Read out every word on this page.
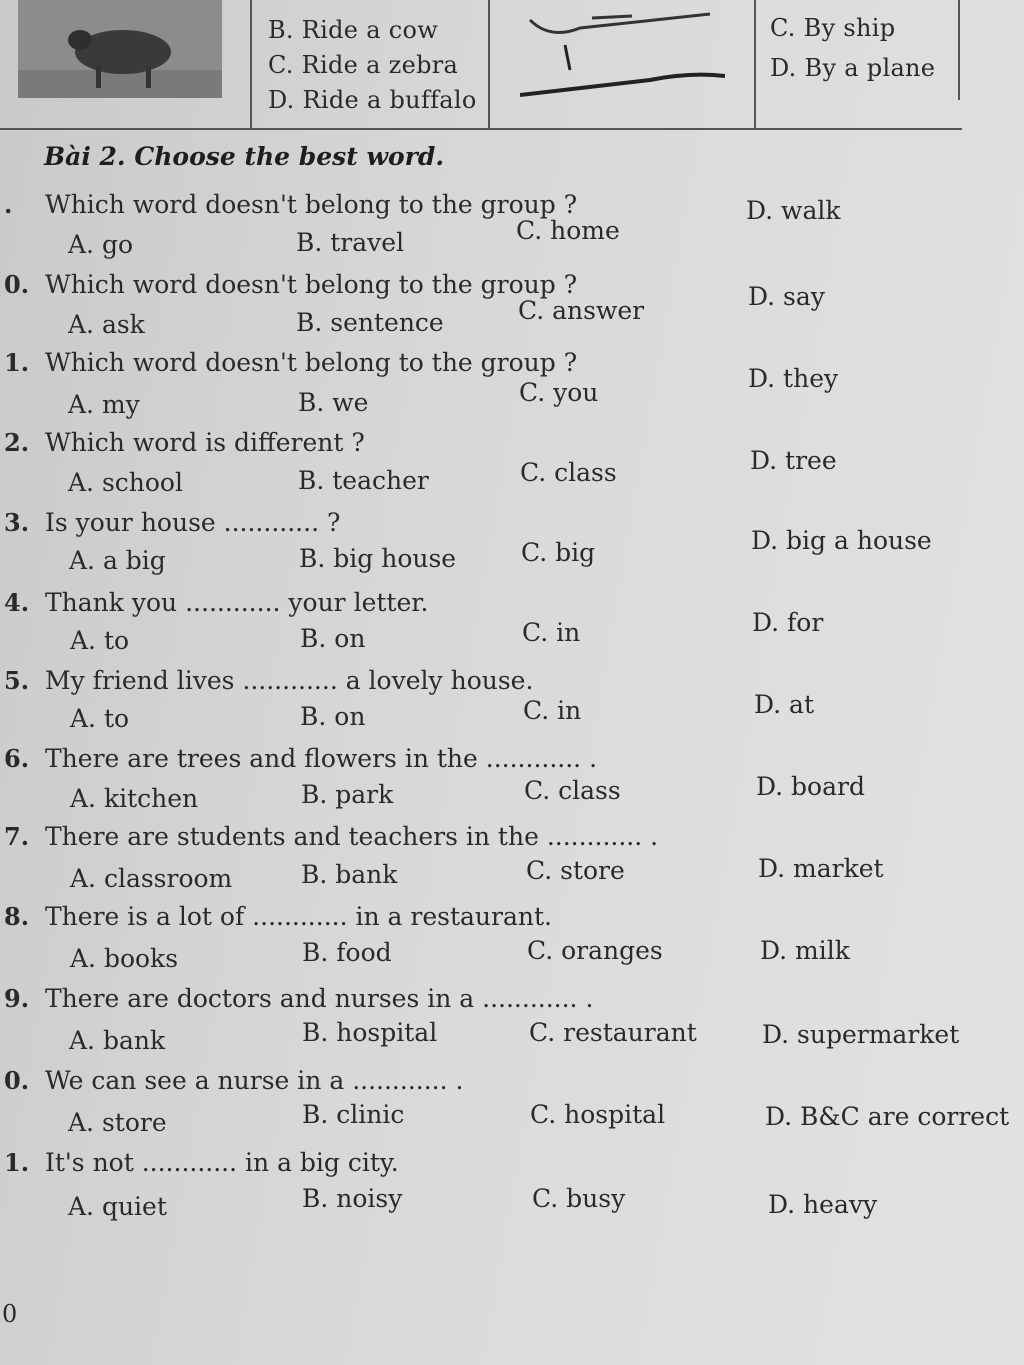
B. Ride a cow
C. Ride a zebra
D. Ride a buffalo
C. By ship
D. By a plane
Bài 2. Choose the best word.
. Which word doesn't belong to the group ?
A. go	B. travel	C. home
D. walk
0. Which word doesn't belong to the group ?
A. ask	B. sentence	C. answer	D. say
1. Which word doesn't belong to the group ?
A. my	B. we	C. you	D. they
2. Which word is different ?
A. school	B. teacher	C. class	D. tree
3. Is your house ............ ?
A. a big	B. big house	C. big	D. big a house
4. Thank you ............ your letter.
A. to	B. on	C. in	D. for
5. My friend lives ............ a lovely house.
A. to	B. on	C. in	D. at
6. There are trees and flowers in the ............ .
A. kitchen	B. park	C. class	D. board
7. There are students and teachers in the ............ .
A. classroom	B. bank	C. store	D. market
8. There is a lot of ............ in a restaurant.
A. books	B. food	C. oranges	D. milk
9. There are doctors and nurses in a ............ .
A. bank	B. hospital	C. restaurant	D. supermarket
0. We can see a nurse in a ............ .
A. store	B. clinic	C. hospital	D. B&C are correct
1. It's not ............ in a big city.
A. quiet	B. noisy	C. busy	D. heavy
0
